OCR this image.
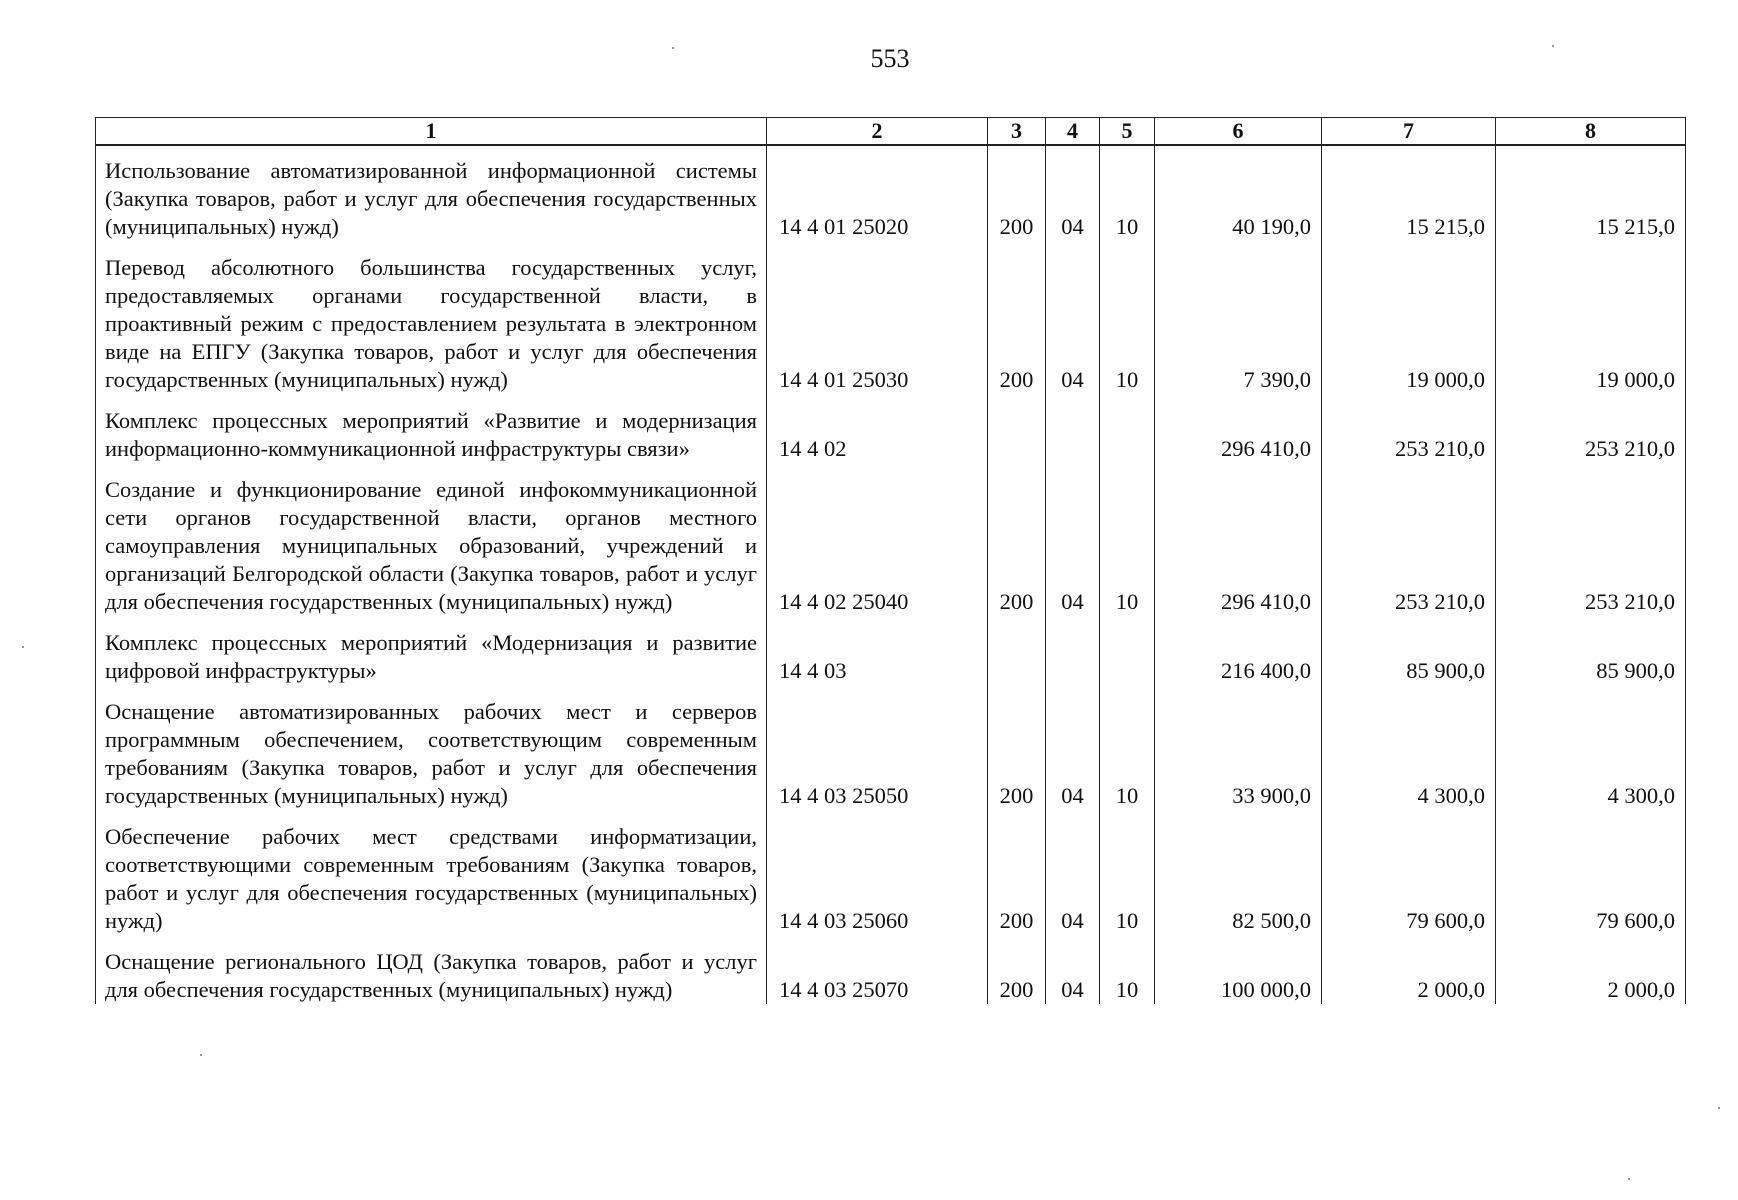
553
1	2	3	4	5	6	7	8
Использование автоматизированной информационной системы (Закупка товаров, работ и услуг для обеспечения государственных (муниципальных) нужд)	14 4 01 25020	200	04	10	40 190,0	15 215,0	15 215,0
Перевод абсолютного большинства государственных услуг, предоставляемых органами государственной власти, в проактивный режим с предоставлением результата в электронном виде на ЕПГУ (Закупка товаров, работ и услуг для обеспечения государственных (муниципальных) нужд)	14 4 01 25030	200	04	10	7 390,0	19 000,0	19 000,0
Комплекс процессных мероприятий «Развитие и модернизация информационно-коммуникационной инфраструктуры связи»	14 4 02				296 410,0	253 210,0	253 210,0
Создание и функционирование единой инфокоммуникационной сети органов государственной власти, органов местного самоуправления муниципальных образований, учреждений и организаций Белгородской области (Закупка товаров, работ и услуг для обеспечения государственных (муниципальных) нужд)	14 4 02 25040	200	04	10	296 410,0	253 210,0	253 210,0
Комплекс процессных мероприятий «Модернизация и развитие цифровой инфраструктуры»	14 4 03				216 400,0	85 900,0	85 900,0
Оснащение автоматизированных рабочих мест и серверов программным обеспечением, соответствующим современным требованиям (Закупка товаров, работ и услуг для обеспечения государственных (муниципальных) нужд)	14 4 03 25050	200	04	10	33 900,0	4 300,0	4 300,0
Обеспечение рабочих мест средствами информатизации, соответствующими современным требованиям (Закупка товаров, работ и услуг для обеспечения государственных (муниципальных) нужд)	14 4 03 25060	200	04	10	82 500,0	79 600,0	79 600,0
Оснащение регионального ЦОД (Закупка товаров, работ и услуг для обеспечения государственных (муниципальных) нужд)	14 4 03 25070	200	04	10	100 000,0	2 000,0	2 000,0
